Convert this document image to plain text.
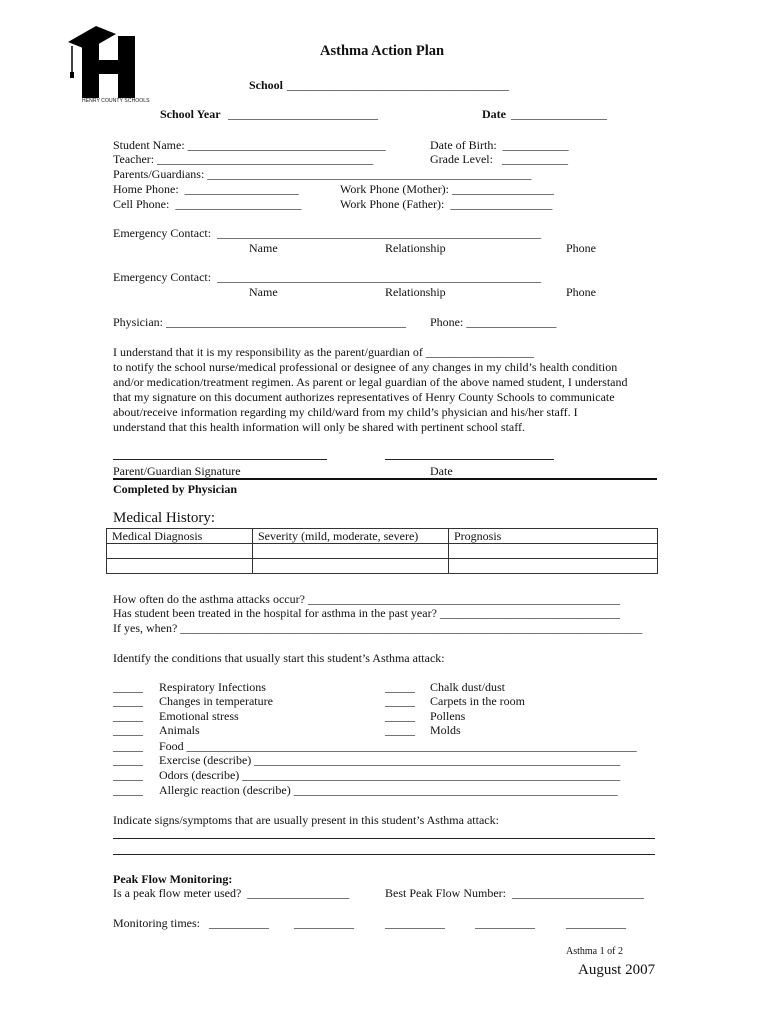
HENRY COUNTY SCHOOLS
Asthma Action Plan
School _____________________________________
School Year _________________________	Date ________________
Student Name: _________________________________	Date of Birth:  ___________
Teacher: ____________________________________	Grade Level:   ___________
Parents/Guardians: ______________________________________________________
Home Phone:  ___________________	Work Phone (Mother): _________________
Cell Phone:  _____________________	Work Phone (Father):  _________________
Emergency Contact:  ______________________________________________________
Name	Relationship	Phone
Emergency Contact:  ______________________________________________________
Name	Relationship	Phone
Physician: ________________________________________ Phone: _______________

I understand that it is my responsibility as the parent/guardian of __________________

to notify the school nurse/medical professional or designee of any changes in my child’s health condition

and/or medication/treatment regimen. As parent or legal guardian of the above named student, I understand

that my signature on this document authorizes representatives of Henry County Schools to communicate

about/receive information regarding my child/ward from my child’s physician and his/her staff. I

understand that this health information will only be shared with pertinent school staff.

Parent/Guardian Signature	Date
Completed by Physician
Medical History:
Medical Diagnosis	Severity (mild, moderate, severe)	Prognosis

How often do the asthma attacks occur? ____________________________________________________
Has student been treated in the hospital for asthma in the past year? ______________________________
If yes, when? _____________________________________________________________________________
Identify the conditions that usually start this student’s Asthma attack:
_____ Respiratory Infections	_____ Chalk dust/dust
_____ Changes in temperature	_____ Carpets in the room
_____ Emotional stress	_____ Pollens
_____ Animals	_____ Molds
_____ Food ___________________________________________________________________________
_____ Exercise (describe) _____________________________________________________________
_____ Odors (describe) _______________________________________________________________
_____ Allergic reaction (describe) ______________________________________________________
Indicate signs/symptoms that are usually present in this student’s Asthma attack:
Peak Flow Monitoring:
Is a peak flow meter used?  _________________	Best Peak Flow Number:  ______________________
Monitoring times: __________ __________	__________	__________	__________
Asthma 1 of 2
August 2007
